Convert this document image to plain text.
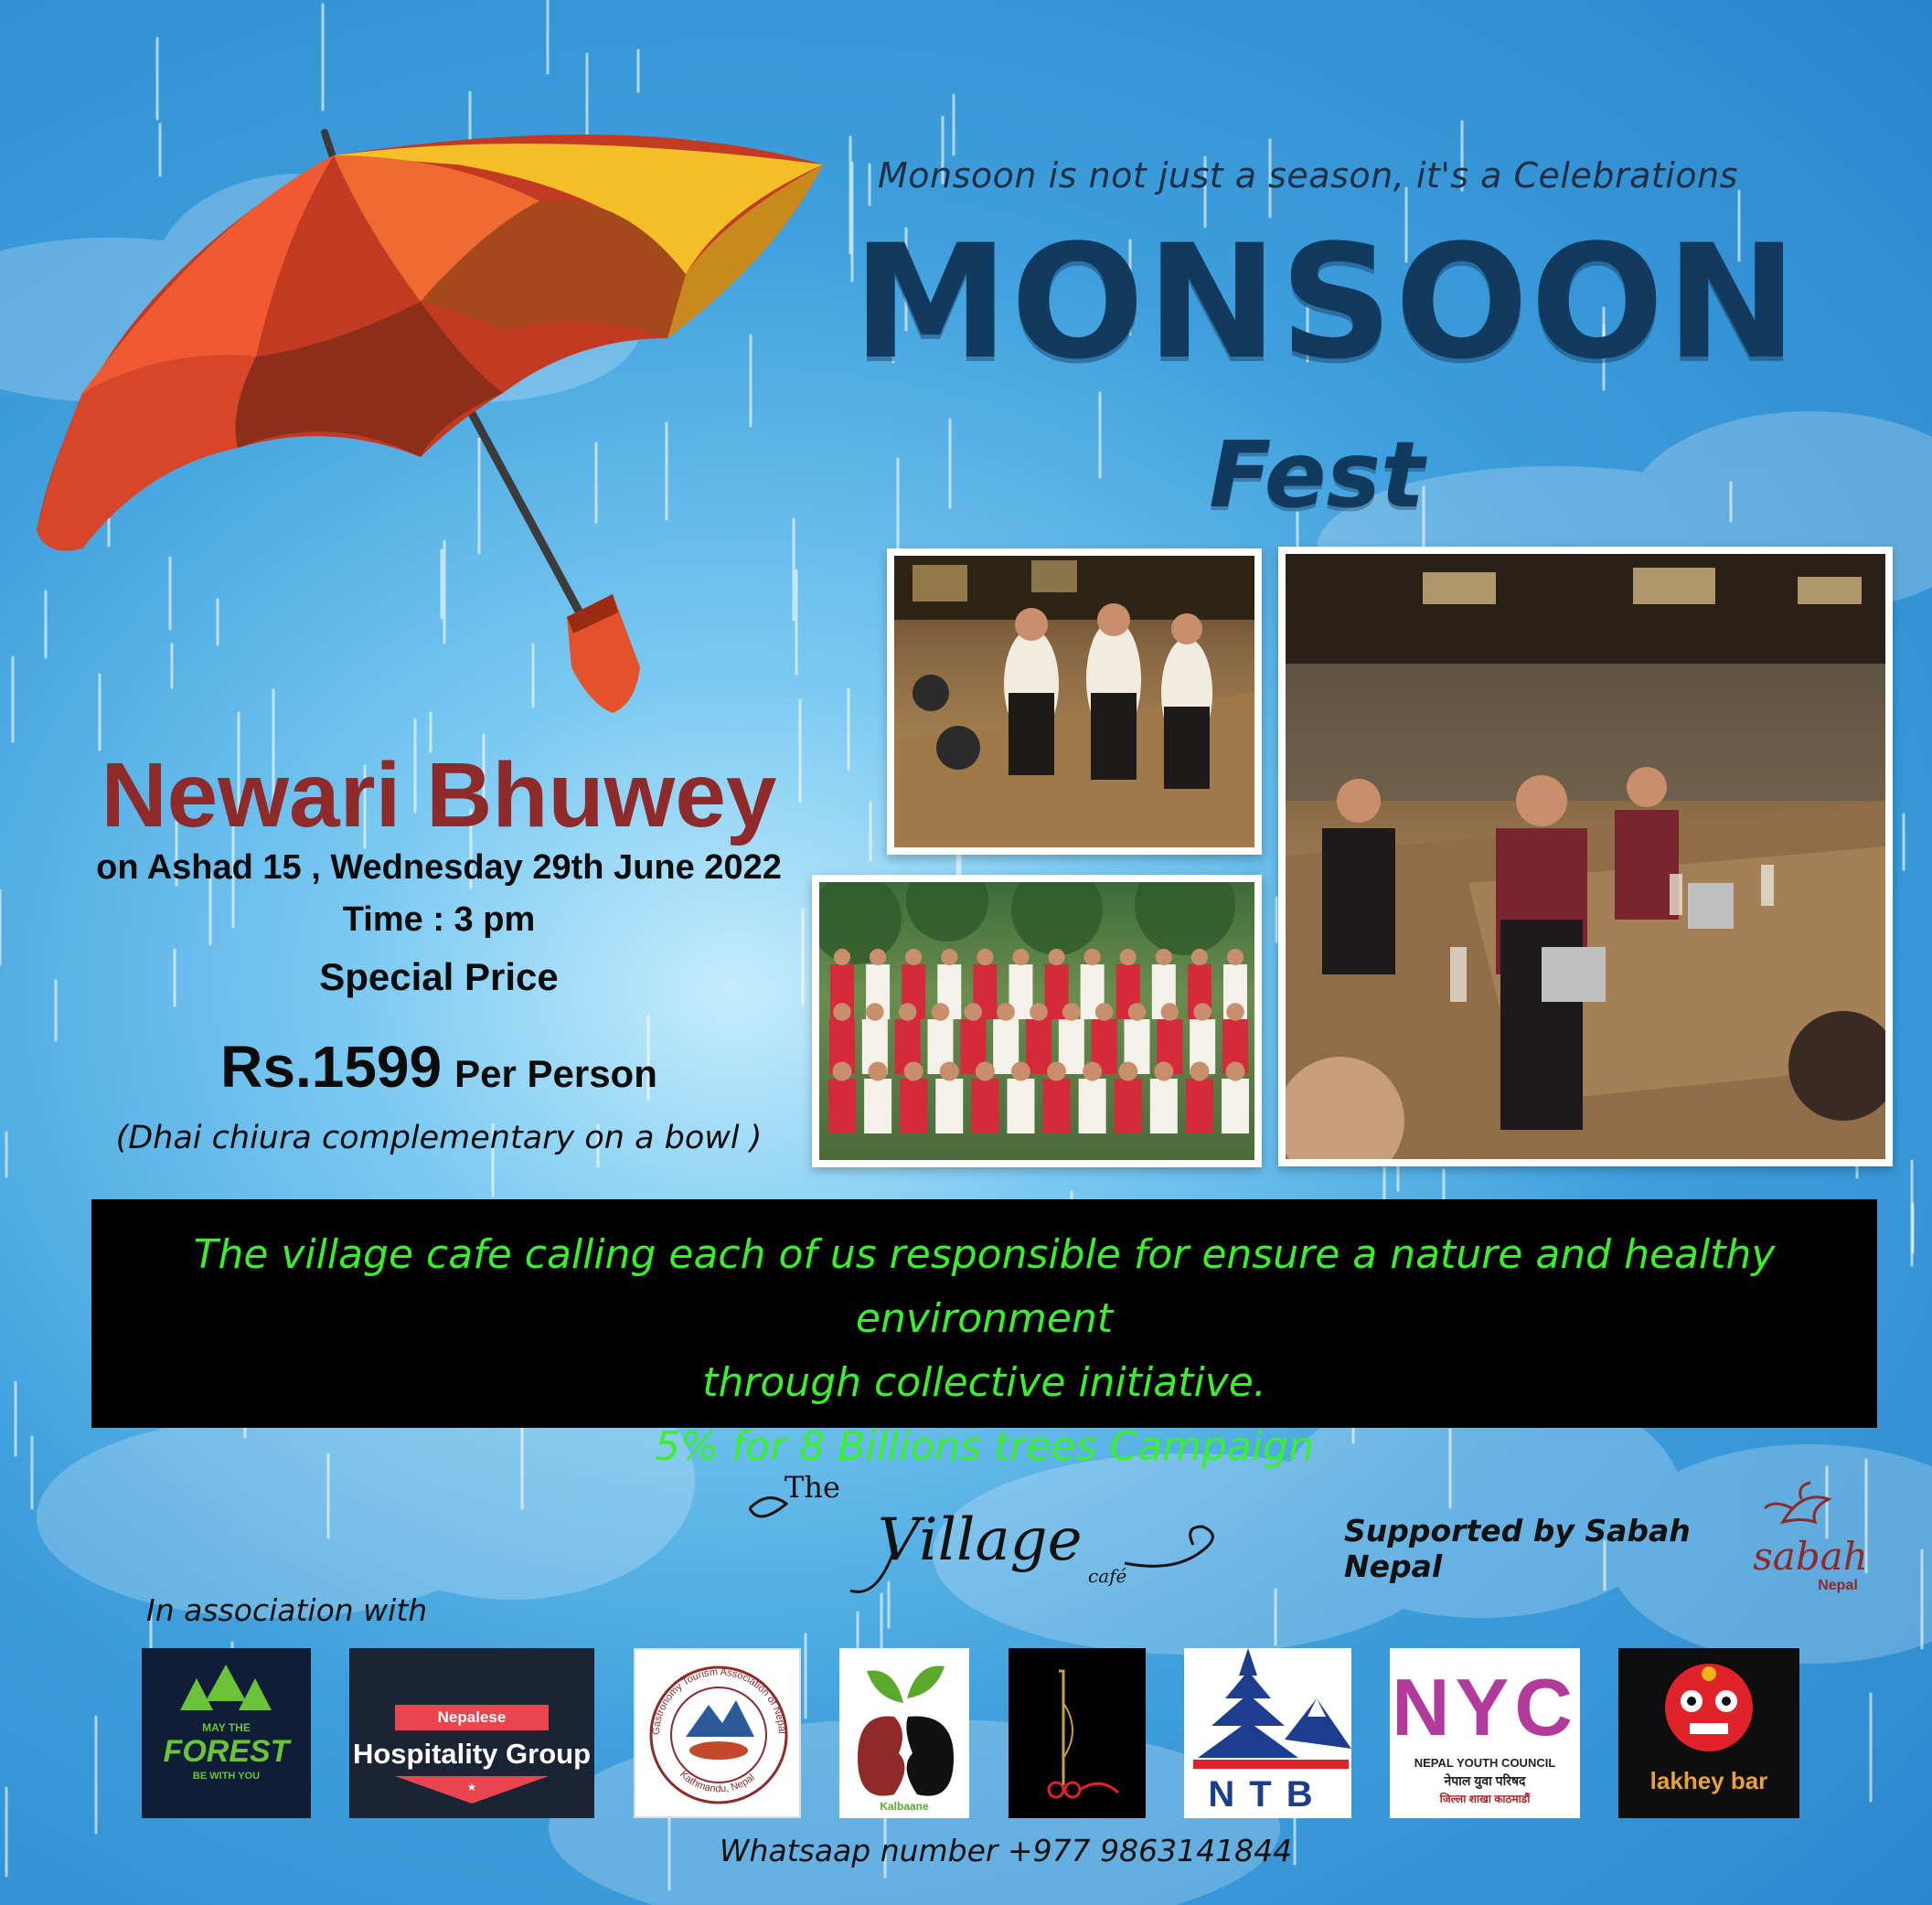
Monsoon is not just a season, it's a Celebrations
MONSOON
Fest
Newari Bhuwey
on Ashad 15 , Wednesday 29th June 2022
Time : 3 pm
Special Price
Rs.1599 Per Person
(Dhai chiura complementary on a bowl )
The village cafe calling each of us responsible for ensure a nature and healthy environment
through collective initiative.
5% for 8 Billions trees Campaign
The
Village
café
Supported by Sabah Nepal	sabah
Nepal
In association with
MAY THE
FOREST
BE WITH YOU
Nepalese
Hospitality Group
★
Gastronomy Tourism Association of Nepal
Kathmandu, Nepal
Kalbaane	NTB
NYC
NEPAL YOUTH COUNCIL
नेपाल युवा परिषद
जिल्ला शाखा काठमाडौं
lakhey bar
Whatsaap number +977 9863141844
